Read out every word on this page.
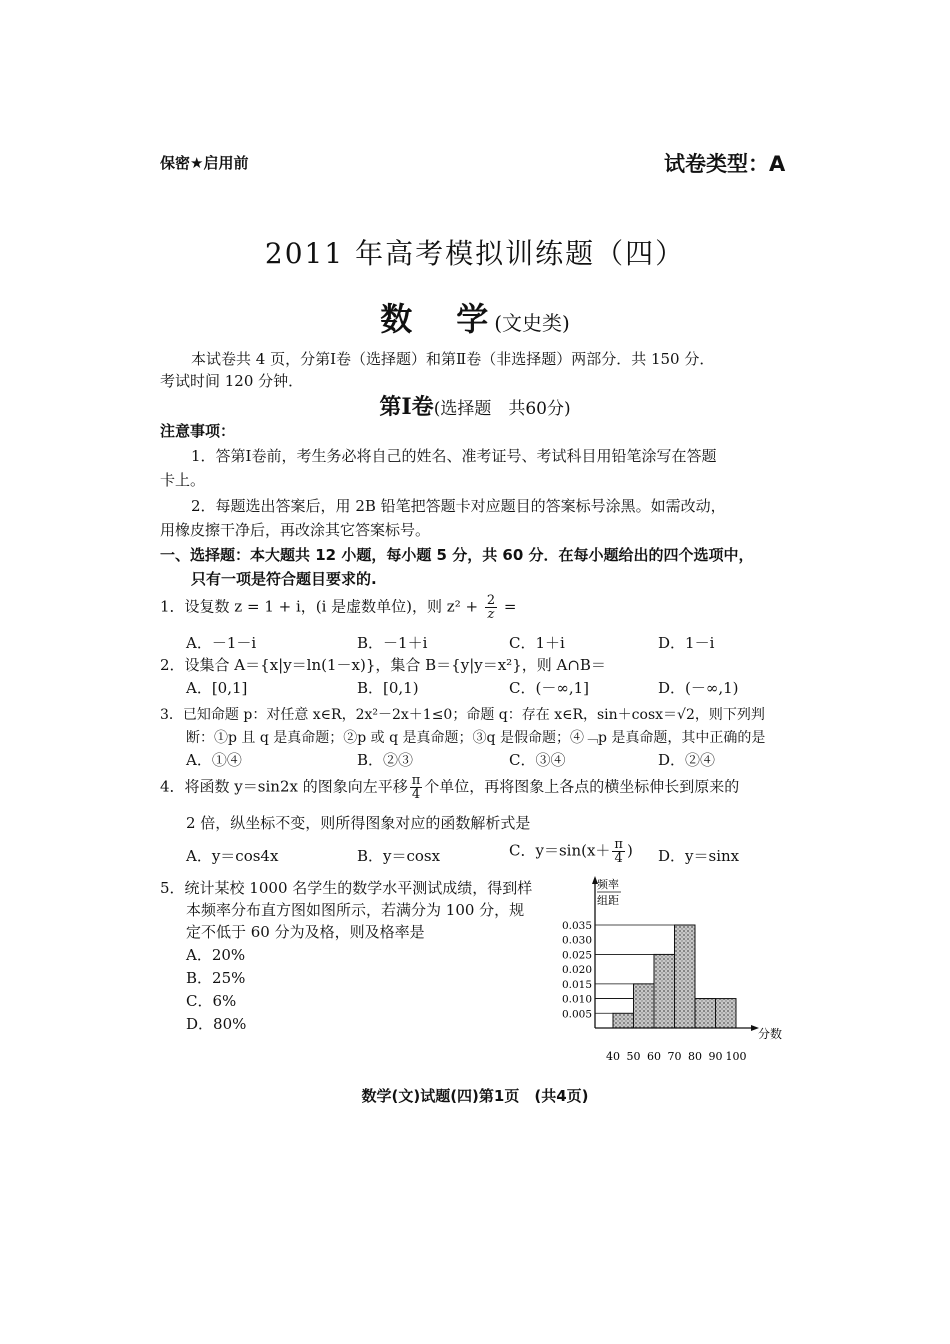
保密★启用前	试卷类型：A
2011 年高考模拟训练题（四）
数　学(文史类)
本试卷共 4 页，分第Ⅰ卷（选择题）和第Ⅱ卷（非选择题）两部分．共 150 分．
考试时间 120 分钟．
第Ⅰ卷(选择题　共60分)
注意事项：
1．答第Ⅰ卷前，考生务必将自己的姓名、准考证号、考试科目用铅笔涂写在答题
卡上。
2．每题选出答案后，用 2B 铅笔把答题卡对应题目的答案标号涂黑。如需改动，
用橡皮擦干净后，再改涂其它答案标号。
一、选择题：本大题共 12 小题，每小题 5 分，共 60 分．在每小题给出的四个选项中，
只有一项是符合题目要求的.
1．设复数 z = 1 + i，(i 是虚数单位)，则 $z^2 + \frac{2}{z}$ =
A．－1－i	B．－1＋i	C．1＋i	D．1－i
2．设集合 A＝{x|y＝ln(1－x)}，集合 B＝{y|y＝x²}，则 A∩B＝
A．[0,1]	B．[0,1)	C．(－∞,1]	D．(－∞,1)
3．已知命题 p：对任意 x∈R，2x²－2x＋1≤0；命题 q：存在 x∈R，sin＋cosx＝√2，则下列判
断：①p 且 q 是真命题；②p 或 q 是真命题；③q 是假命题；④﹁p 是真命题，其中正确的是
A．①④	B．②③	C．③④	D．②④
4．将函数 y＝sin2x 的图象向左平移 $\frac{\pi}{4}$ 个单位，再将图象上各点的横坐标伸长到原来的
2 倍，纵坐标不变，则所得图象对应的函数解析式是
A．y＝cos4x	B．y＝cosx	C．$y=\sin(x+ \frac{\pi}{4}$ ) D．y＝sinx
5．统计某校 1000 名学生的数学水平测试成绩，得到样
本频率分布直方图如图所示，若满分为 100 分，规
定不低于 60 分为及格，则及格率是
A．20%
B．25%
C．6%
D．80%
0.035
0.030
0.025
0.020
0.015
0.010
0.005
40 50 60 70 80 90 100
频率
组距
分数
数学(文)试题(四)第1页　(共4页)
